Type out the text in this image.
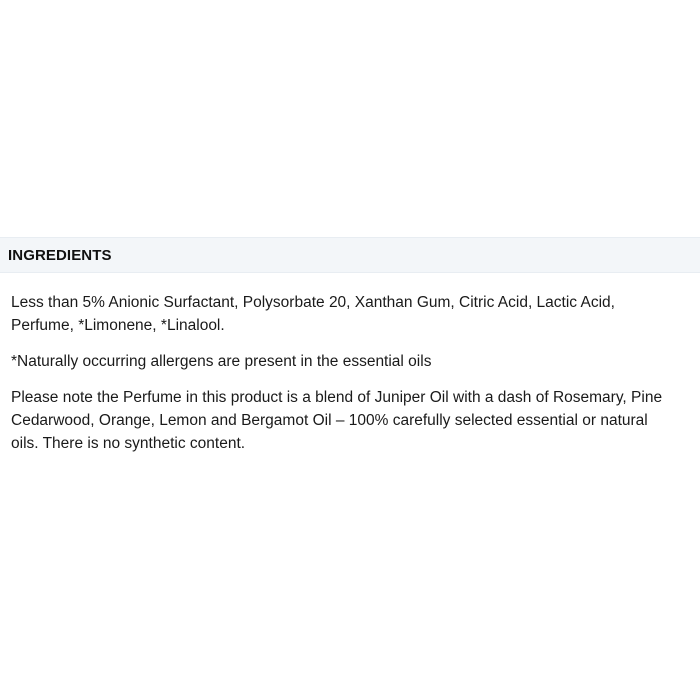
INGREDIENTS

Less than 5% Anionic Surfactant, Polysorbate 20, Xanthan Gum, Citric Acid, Lactic Acid,
Perfume, *Limonene, *Linalool.

*Naturally occurring allergens are present in the essential oils

Please note the Perfume in this product is a blend of Juniper Oil with a dash of Rosemary, Pine
Cedarwood, Orange, Lemon and Bergamot Oil – 100% carefully selected essential or natural
oils. There is no synthetic content.
